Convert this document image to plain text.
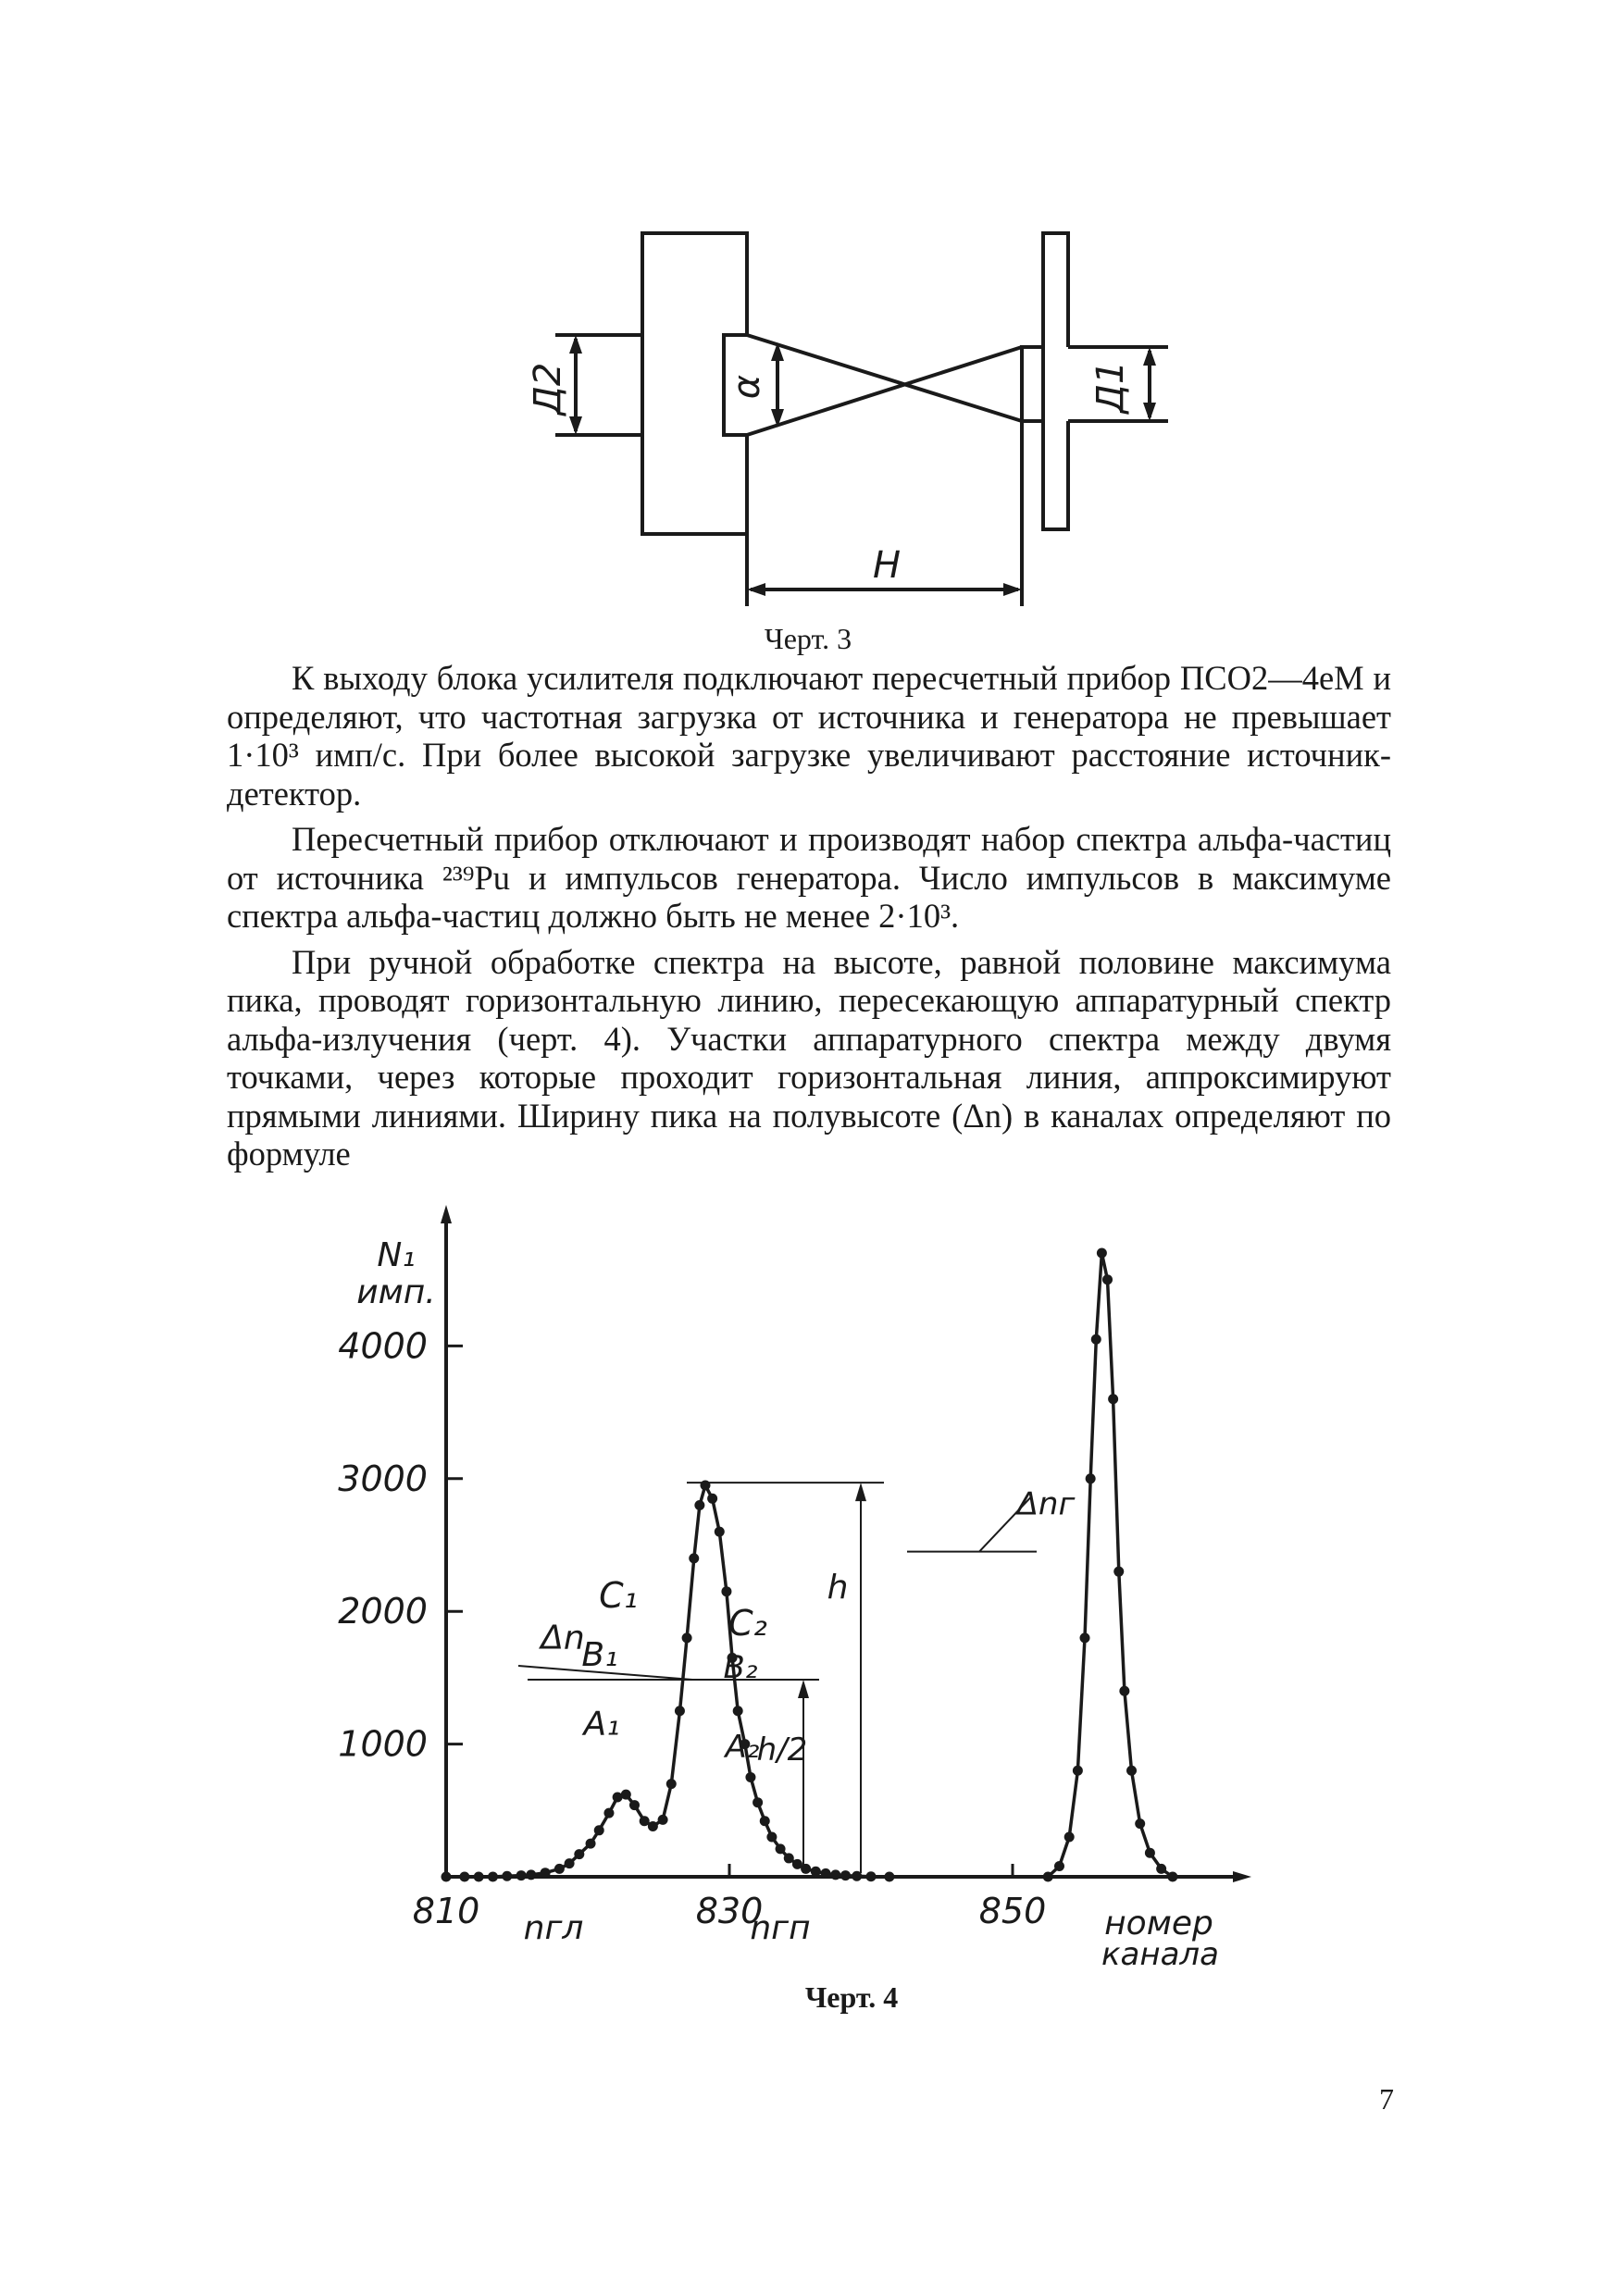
Д2	α	Д1
Н
Черт. 3

К выходу блока усилителя подключают пересчетный прибор ПСО2—4еМ и определяют, что частотная загрузка от источника и генератора не превышает 1·10³ имп/с. При более высокой загрузке увеличивают расстояние источник-детектор.

Пересчетный прибор отключают и производят набор спектра альфа-частиц от источника ²³⁹Pu и импульсов генератора. Число импульсов в максимуме спектра альфа-частиц должно быть не менее 2·10³.

При ручной обработке спектра на высоте, равной половине максимума пика, проводят горизонтальную линию, пересекающую аппаратурный спектр альфа-излучения (черт. 4). Участки аппаратурного спектра между двумя точками, через которые проходит горизонтальная линия, аппроксимируют прямыми линиями. Ширину пика на полувысоте (Δn) в каналах определяют по формуле

N₁
имп.
номер
nгл	nгп
1000
2000
3000
4000
810	830	850
h
h/2
Δn
Δnг
C₁
C₂
B₁	B₂
A₁
A₂
канала
Черт. 4
7
